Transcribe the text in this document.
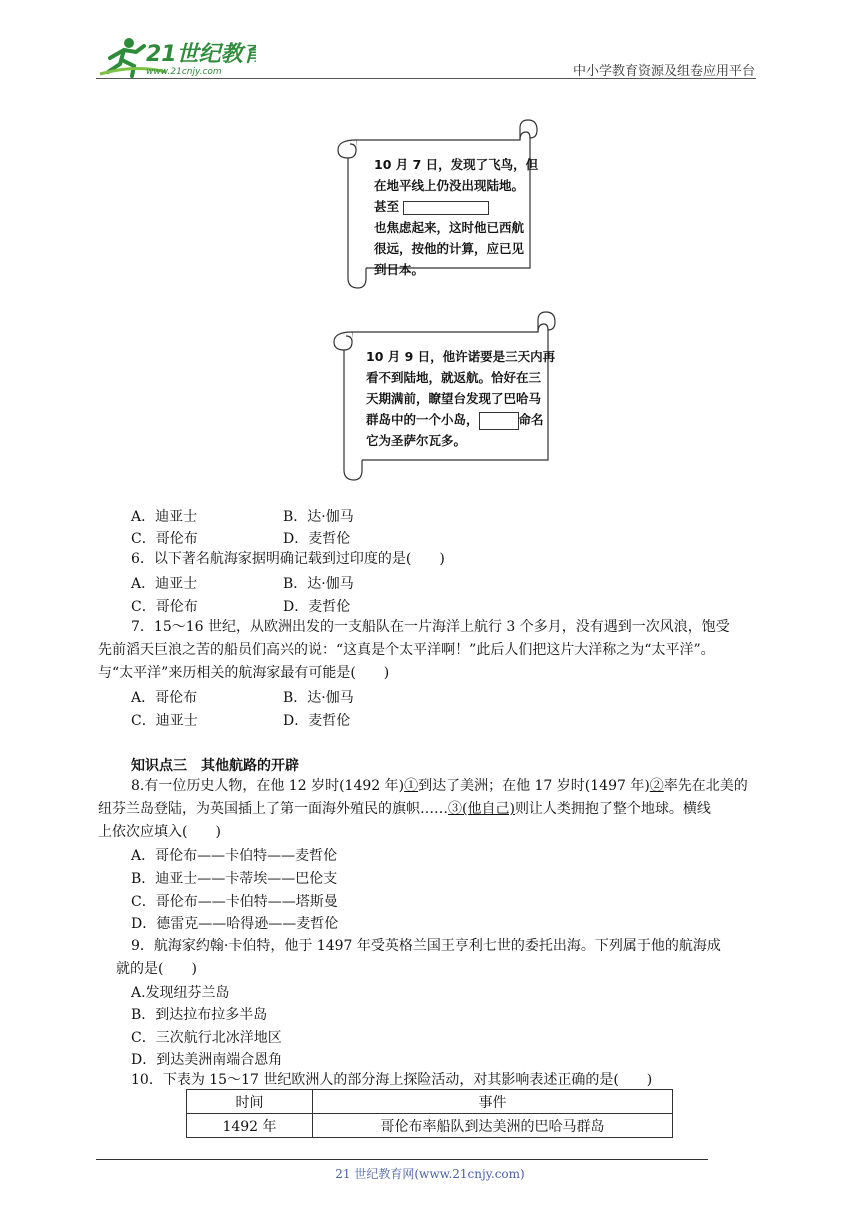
21世纪教育
www.21cnjy.com	中小学教育资源及组卷应用平台
10 月 7 日，发现了飞鸟，但
在地平线上仍没出现陆地。
甚至
也焦虑起来，这时他已西航
很远，按他的计算，应已见
到日本。
10 月 9 日，他许诺要是三天内再
看不到陆地，就返航。恰好在三
天期满前，瞭望台发现了巴哈马
群岛中的一个小岛，	命名
它为圣萨尔瓦多。
A．迪亚士	B．达·伽马
C．哥伦布	D．麦哲伦
6．以下著名航海家据明确记载到过印度的是(　　)
A．迪亚士	B．达·伽马
C．哥伦布	D．麦哲伦
7．15～16 世纪，从欧洲出发的一支船队在一片海洋上航行 3 个多月，没有遇到一次风浪，饱受
先前滔天巨浪之苦的船员们高兴的说：“这真是个太平洋啊！”此后人们把这片大洋称之为“太平洋”。
与“太平洋”来历相关的航海家最有可能是(　　)
A．哥伦布	B．达·伽马
C．迪亚士	D．麦哲伦
知识点三　其他航路的开辟
8.有一位历史人物，在他 12 岁时(1492 年)①到达了美洲；在他 17 岁时(1497 年)②率先在北美的
纽芬兰岛登陆，为英国插上了第一面海外殖民的旗帜……③(他自己)则让人类拥抱了整个地球。横线
上依次应填入(　　)
A．哥伦布——卡伯特——麦哲伦
B．迪亚士——卡蒂埃——巴伦支
C．哥伦布——卡伯特——塔斯曼
D．德雷克——哈得逊——麦哲伦
9．航海家约翰·卡伯特，他于 1497 年受英格兰国王亨利七世的委托出海。下列属于他的航海成
就的是(　　)
A.发现纽芬兰岛
B．到达拉布拉多半岛
C．三次航行北冰洋地区
D．到达美洲南端合恩角
10．下表为 15～17 世纪欧洲人的部分海上探险活动，对其影响表述正确的是(　　)
时间	事件
1492 年	哥伦布率船队到达美洲的巴哈马群岛
21 世纪教育网(www.21cnjy.com)
